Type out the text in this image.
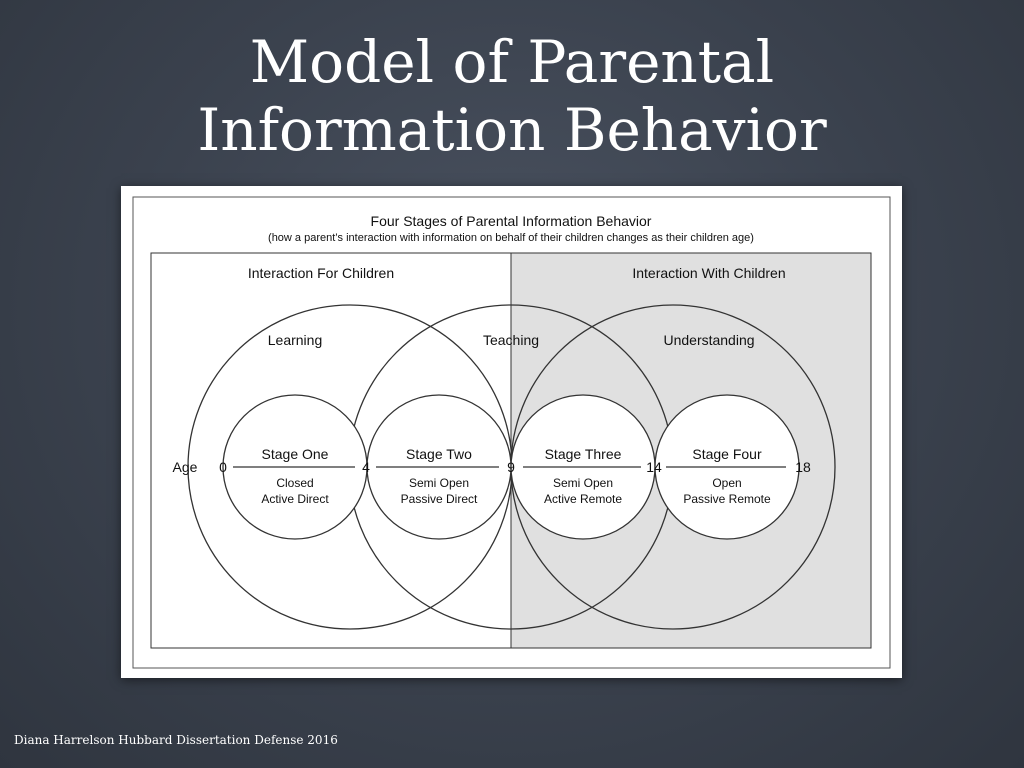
Model of Parental
Information Behavior
Four Stages of Parental Information Behavior
(how a parent’s interaction with information on behalf of their children changes as their children age)
Interaction For Children	Interaction With Children
Learning	Teaching	Understanding
Age 0	4	9	14	18
Stage One
Closed
Active Direct
Stage Two
Semi Open
Passive Direct
Stage Three
Semi Open
Active Remote
Stage Four
Open
Passive Remote
Diana Harrelson Hubbard Dissertation Defense 2016
